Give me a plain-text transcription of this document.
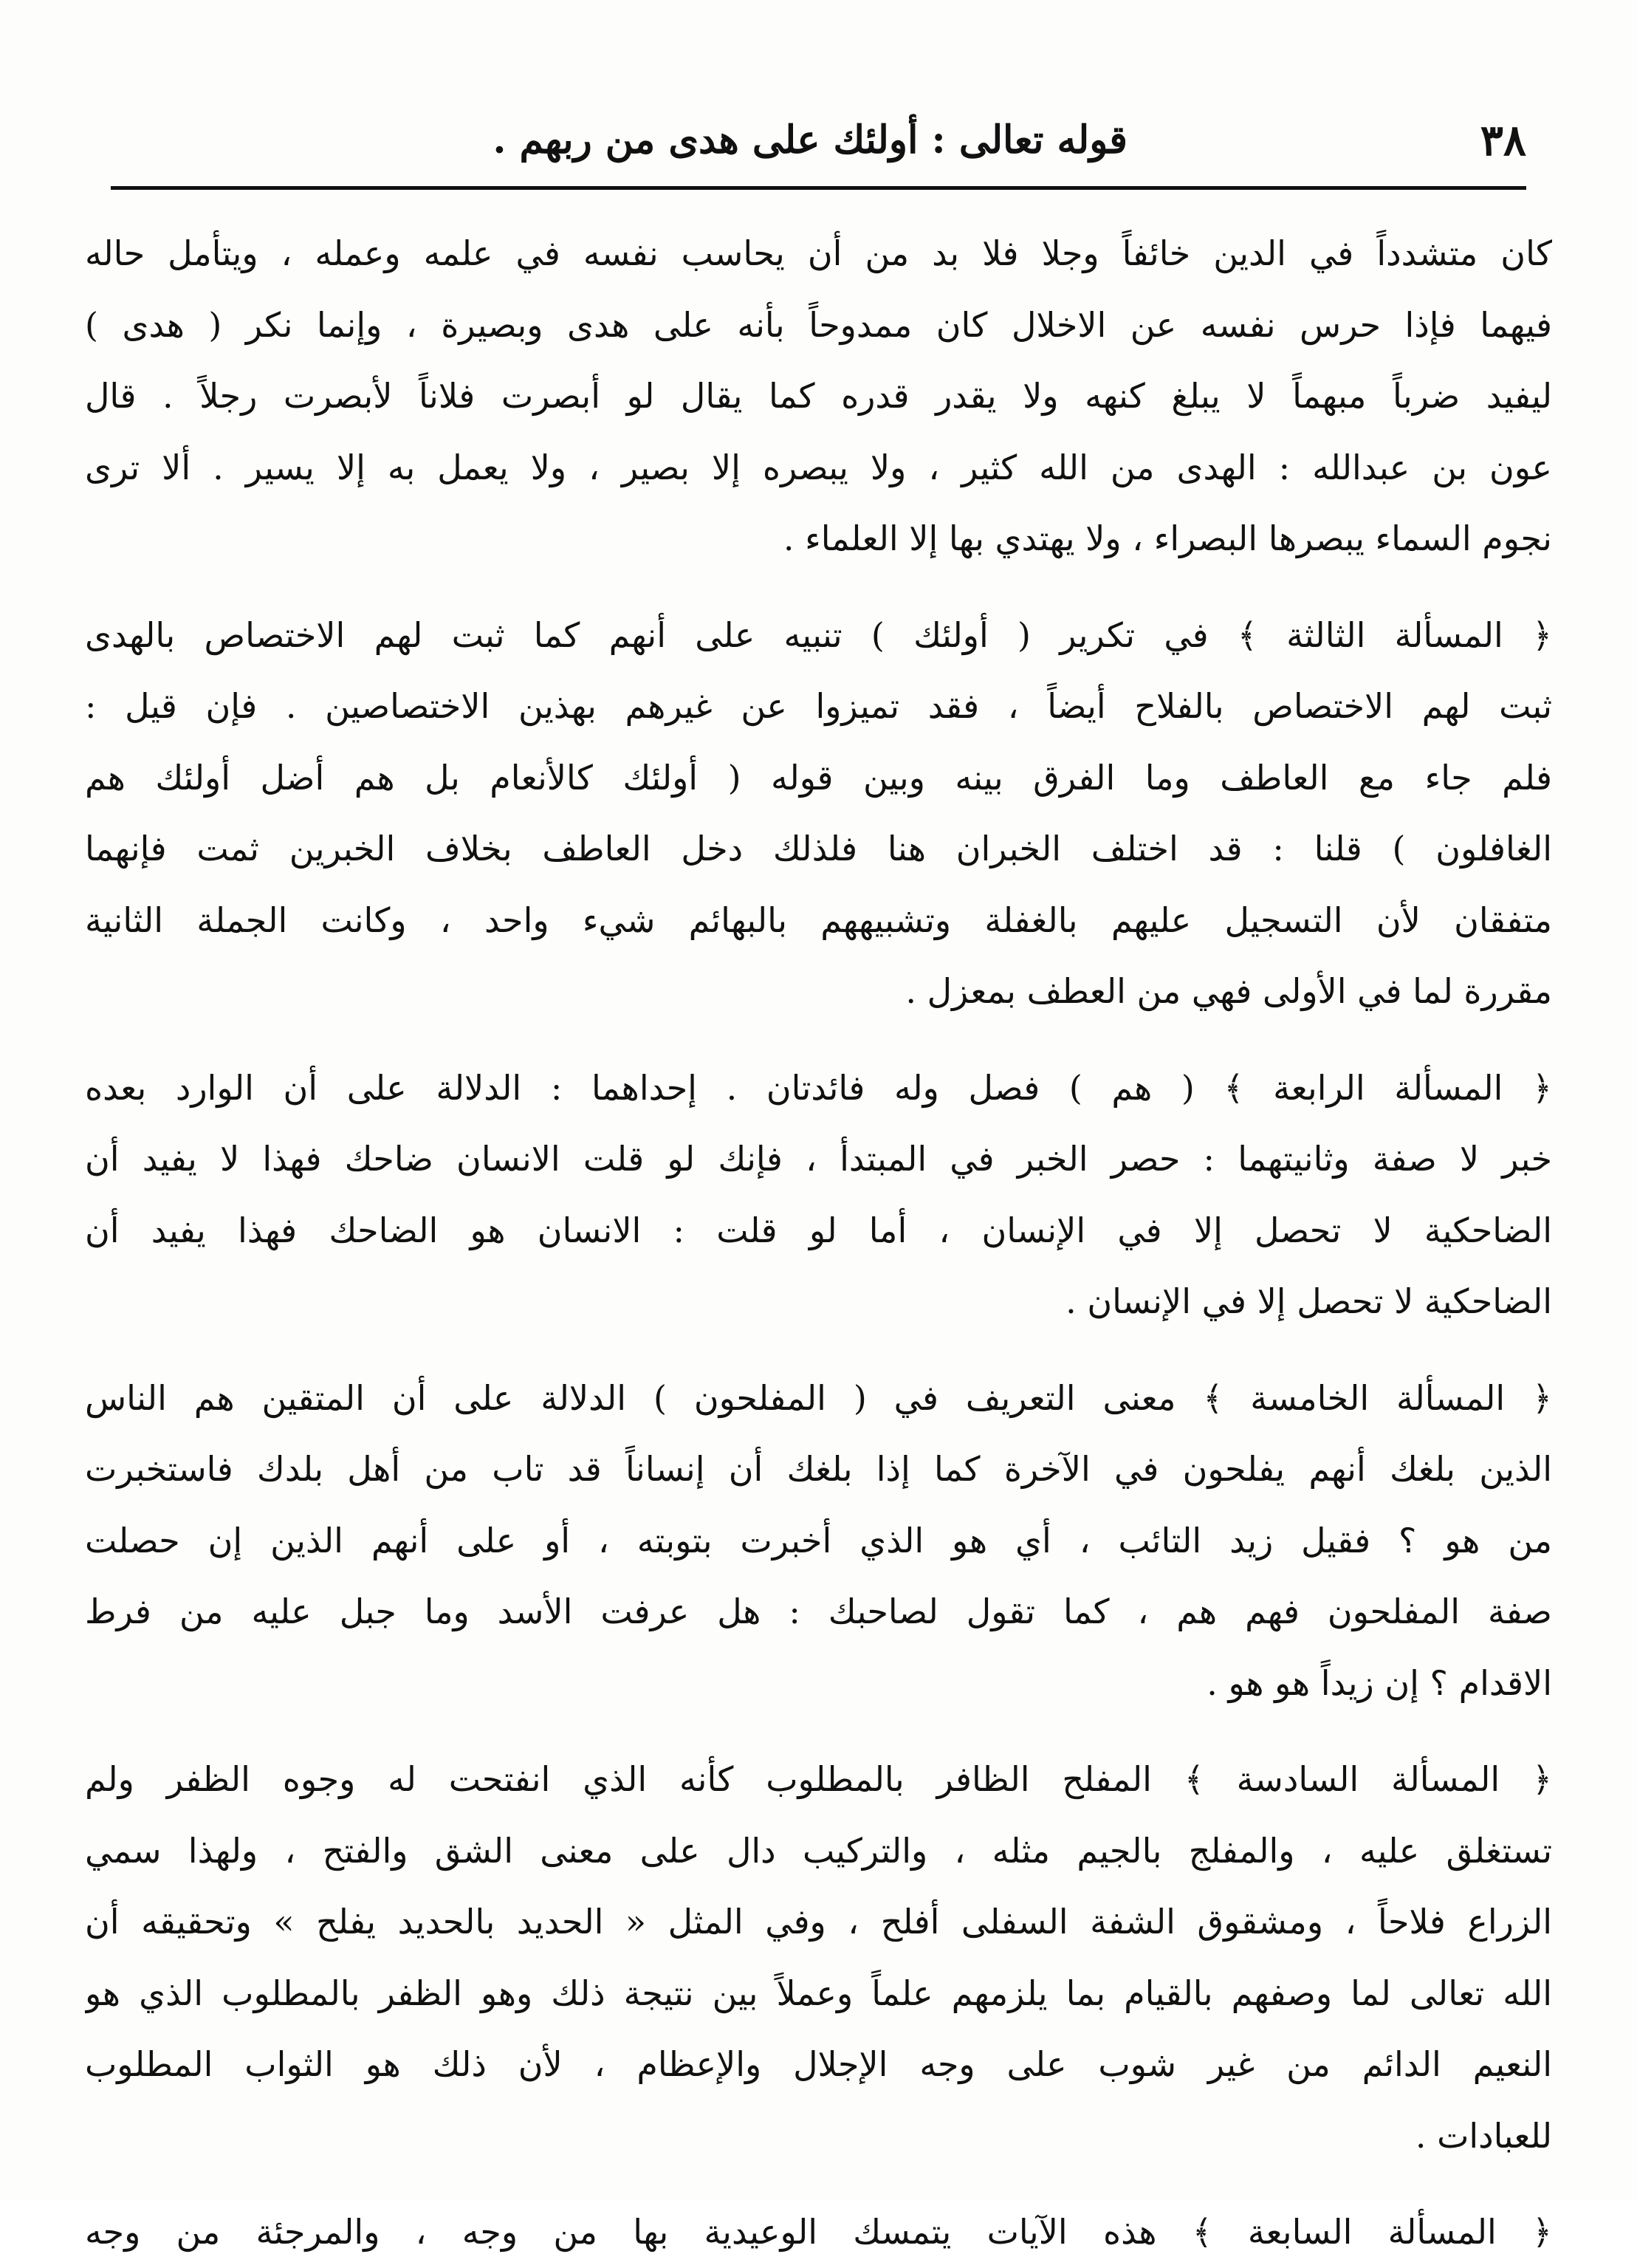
٣٨
قوله تعالى : أولئك على هدى من ربهم .
كان متشدداً في الدين خائفاً وجلا فلا بد من أن يحاسب نفسه في علمه وعمله ، ويتأمل حاله
فيهما فإذا حرس نفسه عن الاخلال كان ممدوحاً بأنه على هدى وبصيرة ، وإنما نكر ( هدى )
ليفيد ضرباً مبهماً لا يبلغ كنهه ولا يقدر قدره كما يقال لو أبصرت فلاناً لأبصرت رجلاً . قال
عون بن عبدالله : الهدى من الله كثير ، ولا يبصره إلا بصير ، ولا يعمل به إلا يسير . ألا ترى
نجوم السماء يبصرها البصراء ، ولا يهتدي بها إلا العلماء .
﴿ المسألة الثالثة ﴾ في تكرير ( أولئك ) تنبيه على أنهم كما ثبت لهم الاختصاص بالهدى
ثبت لهم الاختصاص بالفلاح أيضاً ، فقد تميزوا عن غيرهم بهذين الاختصاصين . فإن قيل :
فلم جاء مع العاطف وما الفرق بينه وبين قوله ( أولئك كالأنعام بل هم أضل أولئك هم
الغافلون ) قلنا : قد اختلف الخبران هنا فلذلك دخل العاطف بخلاف الخبرين ثمت فإنهما
متفقان لأن التسجيل عليهم بالغفلة وتشبيههم بالبهائم شيء واحد ، وكانت الجملة الثانية
مقررة لما في الأولى فهي من العطف بمعزل .
﴿ المسألة الرابعة ﴾ ( هم ) فصل وله فائدتان . إحداهما : الدلالة على أن الوارد بعده
خبر لا صفة وثانيتهما : حصر الخبر في المبتدأ ، فإنك لو قلت الانسان ضاحك فهذا لا يفيد أن
الضاحكية لا تحصل إلا في الإنسان ، أما لو قلت : الانسان هو الضاحك فهذا يفيد أن
الضاحكية لا تحصل إلا في الإنسان .
﴿ المسألة الخامسة ﴾ معنى التعريف في ( المفلحون ) الدلالة على أن المتقين هم الناس
الذين بلغك أنهم يفلحون في الآخرة كما إذا بلغك أن إنساناً قد تاب من أهل بلدك فاستخبرت
من هو ؟ فقيل زيد التائب ، أي هو الذي أخبرت بتوبته ، أو على أنهم الذين إن حصلت
صفة المفلحون فهم هم ، كما تقول لصاحبك : هل عرفت الأسد وما جبل عليه من فرط
الاقدام ؟ إن زيداً هو هو .
﴿ المسألة السادسة ﴾ المفلح الظافر بالمطلوب كأنه الذي انفتحت له وجوه الظفر ولم
تستغلق عليه ، والمفلج بالجيم مثله ، والتركيب دال على معنى الشق والفتح ، ولهذا سمي
الزراع فلاحاً ، ومشقوق الشفة السفلى أفلح ، وفي المثل « الحديد بالحديد يفلح » وتحقيقه أن
الله تعالى لما وصفهم بالقيام بما يلزمهم علماً وعملاً بين نتيجة ذلك وهو الظفر بالمطلوب الذي هو
النعيم الدائم من غير شوب على وجه الإجلال والإعظام ، لأن ذلك هو الثواب المطلوب
للعبادات .
﴿ المسألة السابعة ﴾ هذه الآيات يتمسك الوعيدية بها من وجه ، والمرجئة من وجه
